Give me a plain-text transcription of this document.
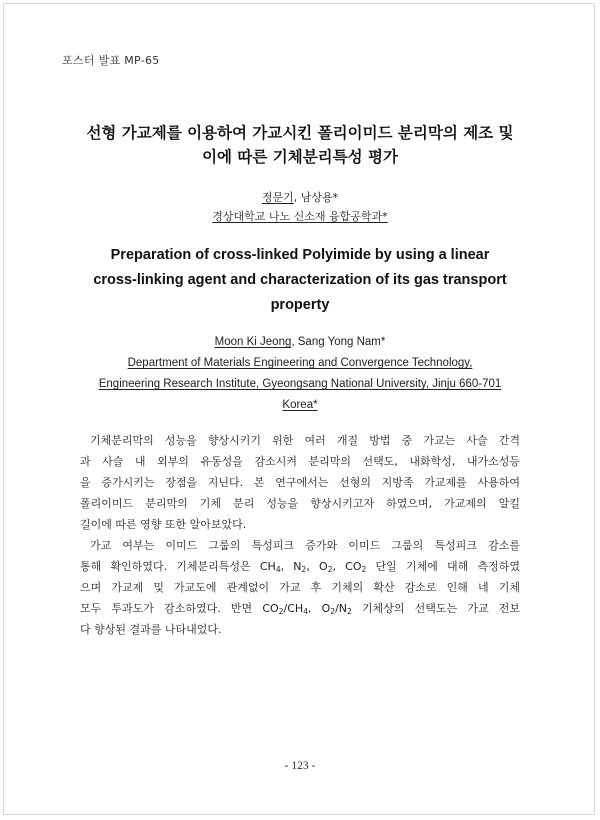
포스터 발표 MP-65
선형 가교제를 이용하여 가교시킨 폴리이미드 분리막의 제조 및
이에 따른 기체분리특성 평가
정문기, 남상용*
경상대학교 나노 신소재 융합공학과*
Preparation of cross-linked Polyimide by using a linear
cross-linking agent and characterization of its gas transport
property
Moon Ki Jeong, Sang Yong Nam*
Department of Materials Engineering and Convergence Technology,
Engineering Research Institute, Gyeongsang National University, Jinju 660-701
Korea*
기체분리막의 성능을 향상시키기 위한 여러 개질 방법 중 가교는 사슬 간격
과 사슬 내 외부의 유동성을 감소시켜 분리막의 선택도, 내화학성, 내가소성등
을 증가시키는 장점을 지닌다. 본 연구에서는 선형의 지방족 가교제를 사용하여
폴리이미드 분리막의 기체 분리 성능을 향상시키고자 하였으며, 가교제의 알킬
길이에 따른 영향 또한 알아보았다.
가교 여부는 이미드 그룹의 특성피크 증가와 이미드 그룹의 특성피크 감소를
통해 확인하였다. 기체분리특성은 $CH_4$, $N_2$, $O_2$, $CO_2$ 단일 기체에 대해 측정하였
으며 가교제 및 가교도에 관계없이 가교 후 기체의 확산 감소로 인해 네 기체
모두 투과도가 감소하였다. 반면 $CO_2/CH_4$, $O_2/N_2$ 기체상의 선택도는 가교 전보
다 향상된 결과를 나타내었다.
- 123 -
